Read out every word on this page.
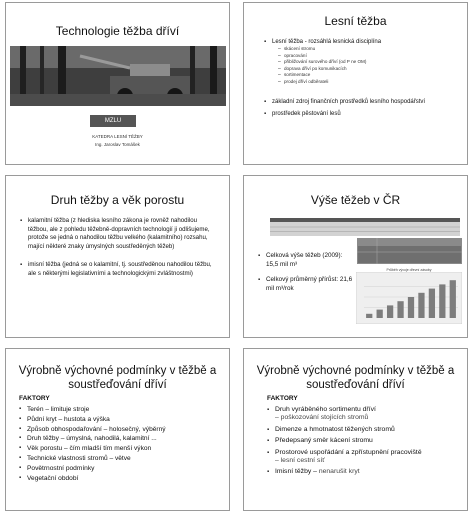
Technologie těžba dříví
MZLU
KATEDRA LESNÍ TĚŽBY
Ing. Jaroslav Tomášek
Lesní těžba
▪ Lesní těžba - rozsáhlá lesnická disciplína
– skácení stromu
– opracování
– přibližování surového dříví (od P ne OM)
– doprava dříví po komunikacích
– sortimentace
– prodej dříví odběrateli
▪ základní zdroj finančních prostředků lesního hospodářství
▪ prostředek pěstování lesů
Druh těžby a věk porostu
▪ kalamitní těžba (z hlediska lesního zákona je rovněž nahodilou těžbou, ale z pohledu těžebně-dopravních technologií ji odlišujeme, protože se jedná o nahodilou těžbu velkého (kalamitního) rozsahu, mající některé znaky úmyslných soustředěných těžeb)
▪ imisní těžba (jedná se o kalamitní, tj. soustředěnou nahodilou těžbu, ale s některými legislativními a technologickými zvláštnostmi)
Výše těžeb v ČR
▪ Celková výše těžeb (2009): 15,5 mil m³
▪ Celkový průměrný přírůst: 21,6 mil m³/rok
Průběh vývoje dřevní zásoby
Výrobně výchovné podmínky v těžbě a soustřeďování dříví
FAKTORY
▪ Terén – limituje stroje
▪ Půdní kryt – hustota a výška
▪ Způsob obhospodařování – holosečný, výběrný
▪ Druh těžby – úmyslná, nahodilá, kalamitní ...
▪ Věk porostu – čím mladší tím menší výkon
▪ Technické vlastnosti stromů – větve
▪ Povětrnostní podmínky
▪ Vegetační období
Výrobně výchovné podmínky v těžbě a soustřeďování dříví
FAKTORY
▪ Druh vyráběného sortimentu dříví
– poškozování stojících stromů
▪ Dimenze a hmotnatost těžených stromů
▪ Předepsaný směr kácení stromu
▪ Prostorové uspořádání a zpřístupnění pracoviště
– lesní cestní síť
▪ Imisní těžby – nenarušit kryt
